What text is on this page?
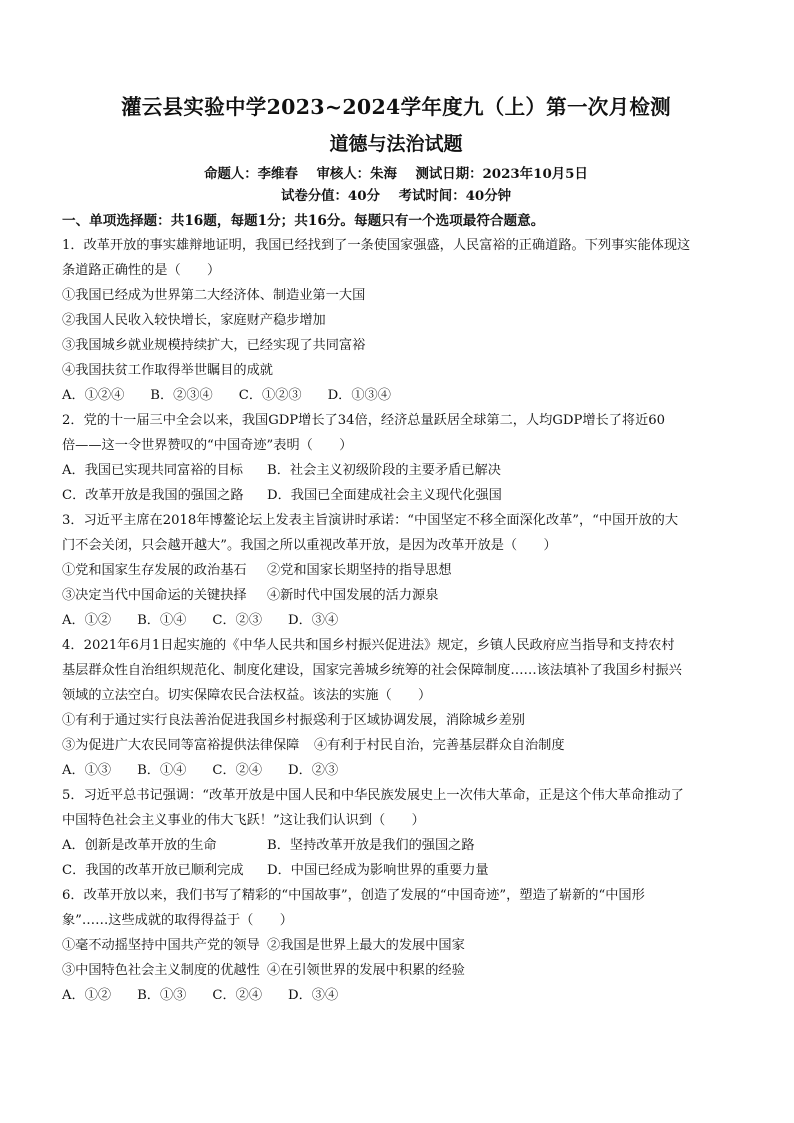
灌云县实验中学2023~2024学年度九（上）第一次月检测
道德与法治试题
命题人：李维春 审核人：朱海 测试日期：2023年10月5日
试卷分值：40分 考试时间：40分钟
一、单项选择题：共16题，每题1分；共16分。每题只有一个选项最符合题意。
1．改革开放的事实雄辩地证明，我国已经找到了一条使国家强盛，人民富裕的正确道路。下列事实能体现这
条道路正确性的是（　　）
①我国已经成为世界第二大经济体、制造业第一大国
②我国人民收入较快增长，家庭财产稳步增加
③我国城乡就业规模持续扩大，已经实现了共同富裕
④我国扶贫工作取得举世瞩目的成就
A．①②④ B．②③④ C．①②③ D．①③④
2．党的十一届三中全会以来，我国GDP增长了34倍，经济总量跃居全球第二，人均GDP增长了将近60
倍——这一令世界赞叹的“中国奇迹”表明（　　）
A．我国已实现共同富裕的目标	B．社会主义初级阶段的主要矛盾已解决
C．改革开放是我国的强国之路	D．我国已全面建成社会主义现代化强国
3．习近平主席在2018年博鳌论坛上发表主旨演讲时承诺：“中国坚定不移全面深化改革”，“中国开放的大
门不会关闭，只会越开越大”。我国之所以重视改革开放，是因为改革开放是（　　）
①党和国家生存发展的政治基石	②党和国家长期坚持的指导思想
③决定当代中国命运的关键抉择	④新时代中国发展的活力源泉
A．①② B．①④ C．②③ D．③④
4．2021年6月1日起实施的《中华人民共和国乡村振兴促进法》规定，乡镇人民政府应当指导和支持农村
基层群众性自治组织规范化、制度化建设，国家完善城乡统筹的社会保障制度……该法填补了我国乡村振兴
领域的立法空白。切实保障农民合法权益。该法的实施（　　）
①有利于通过实行良法善治促进我国乡村振兴
②利于区域协调发展，消除城乡差别
③为促进广大农民同等富裕提供法律保障	④有利于村民自治，完善基层群众自治制度
A．①③ B．①④ C．②④ D．②③
5．习近平总书记强调：“改革开放是中国人民和中华民族发展史上一次伟大革命，正是这个伟大革命推动了
中国特色社会主义事业的伟大飞跃！”这让我们认识到（　　）
A．创新是改革开放的生命	B．坚持改革开放是我们的强国之路
C．我国的改革开放已顺利完成	D．中国已经成为影响世界的重要力量
6．改革开放以来，我们书写了精彩的“中国故事”，创造了发展的“中国奇迹”，塑造了崭新的“中国形
象”……这些成就的取得得益于（　　）
①毫不动摇坚持中国共产党的领导 ②我国是世界上最大的发展中国家
③中国特色社会主义制度的优越性 ④在引领世界的发展中积累的经验
A．①② B．①③ C．②④ D．③④
